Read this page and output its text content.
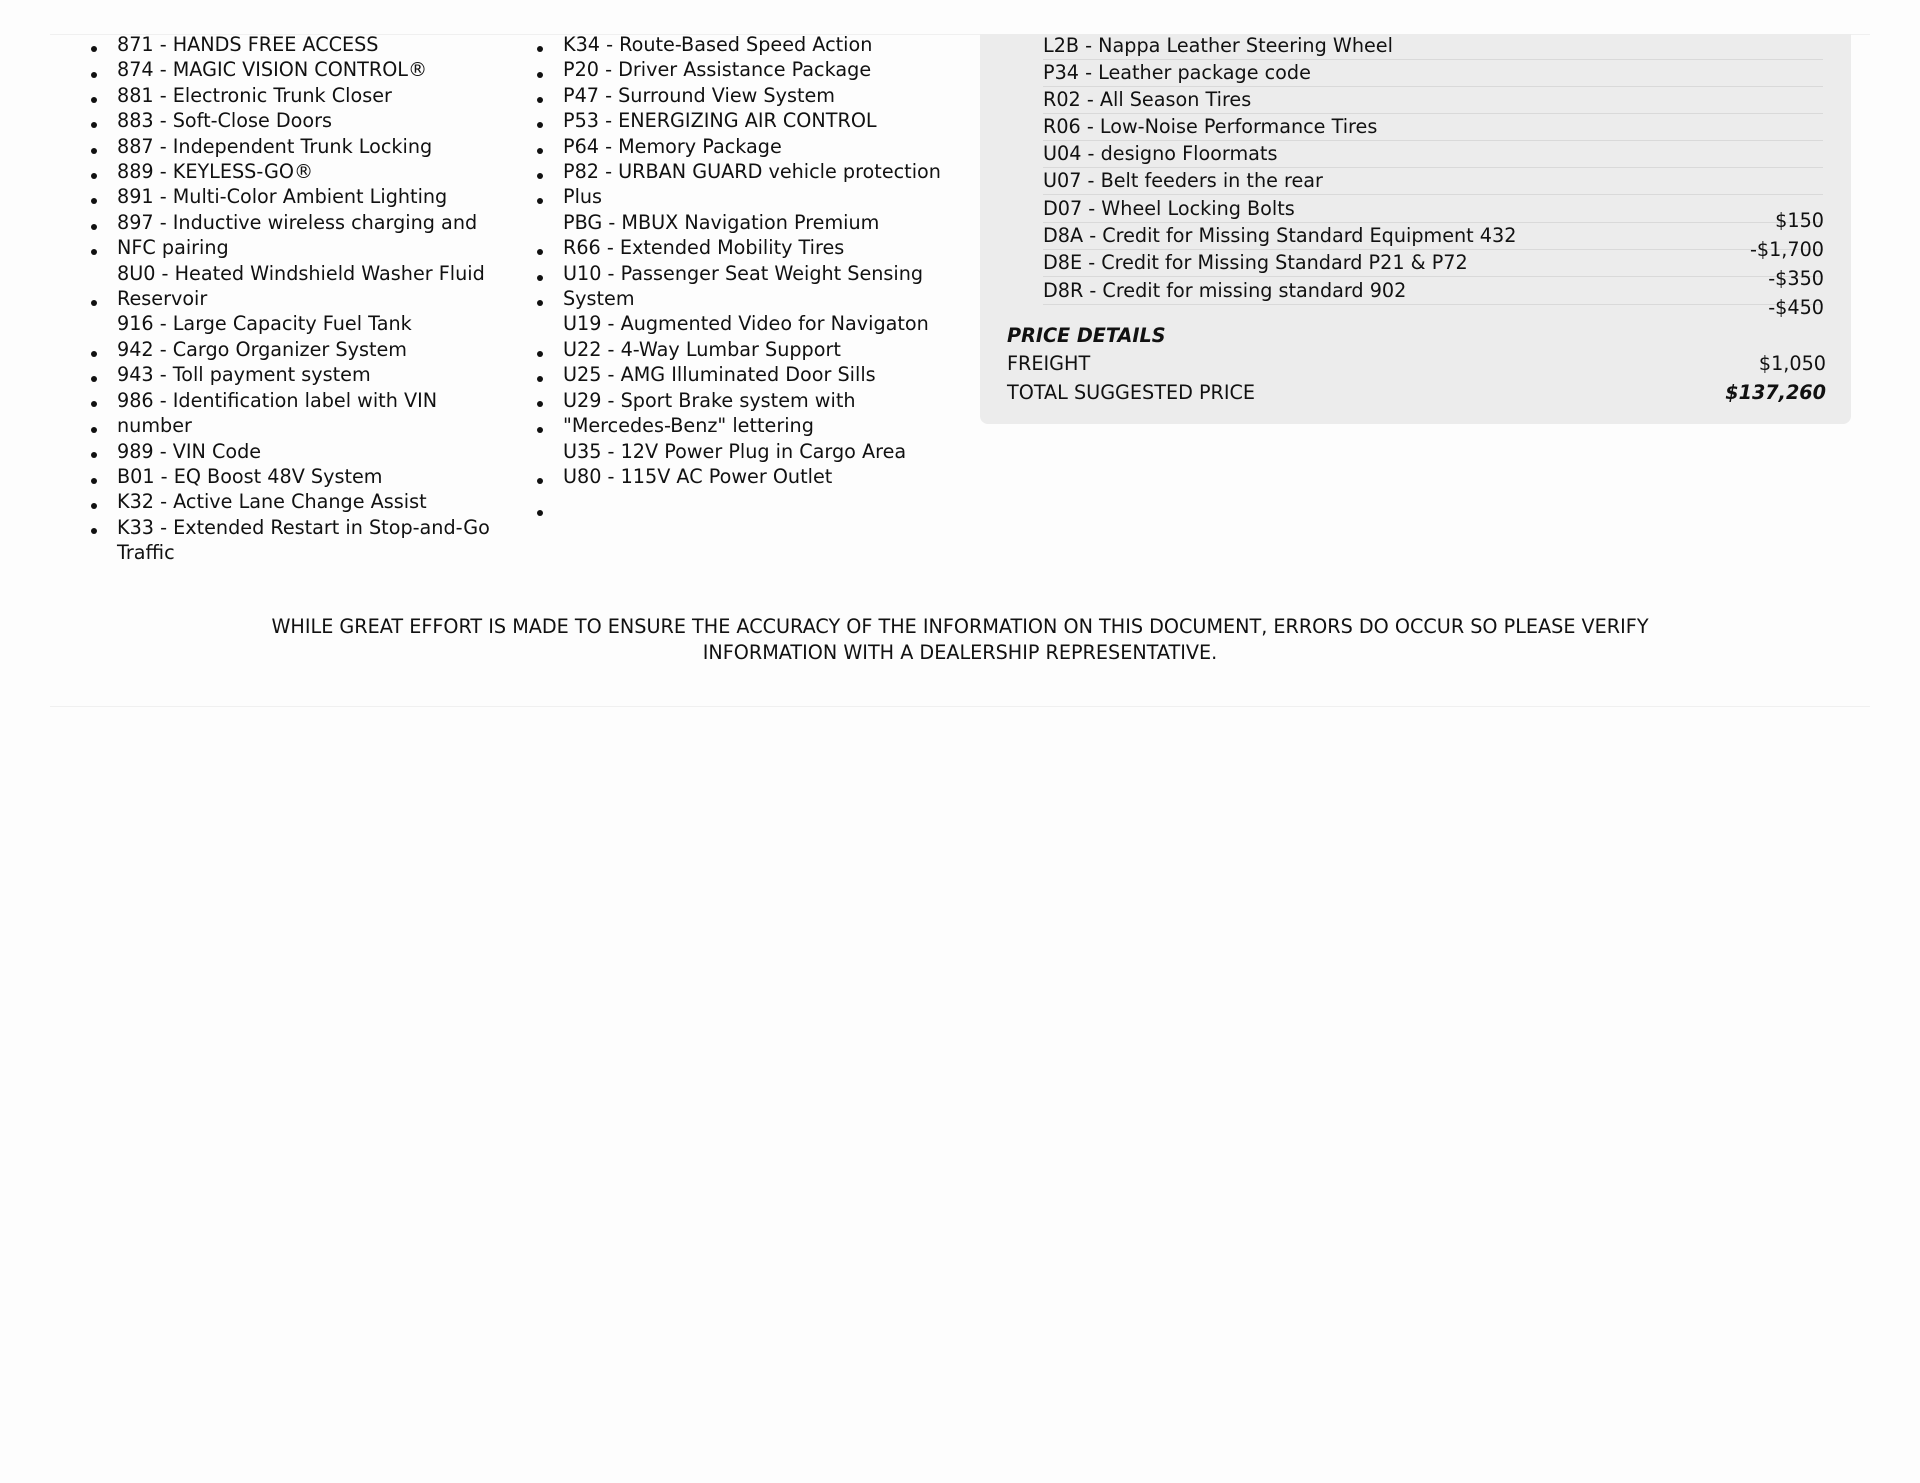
871 - HANDS FREE ACCESS
874 - MAGIC VISION CONTROL®
881 - Electronic Trunk Closer
883 - Soft-Close Doors
887 - Independent Trunk Locking
889 - KEYLESS-GO®
891 - Multi-Color Ambient Lighting
897 - Inductive wireless charging and NFC pairing
8U0 - Heated Windshield Washer Fluid Reservoir
916 - Large Capacity Fuel Tank
942 - Cargo Organizer System
943 - Toll payment system
986 - Identification label with VIN number
989 - VIN Code
B01 - EQ Boost 48V System
K32 - Active Lane Change Assist
K33 - Extended Restart in Stop-and-Go Traffic
K34 - Route-Based Speed Action
P20 - Driver Assistance Package
P47 - Surround View System
P53 - ENERGIZING AIR CONTROL
P64 - Memory Package
P82 - URBAN GUARD vehicle protection Plus
PBG - MBUX Navigation Premium
R66 - Extended Mobility Tires
U10 - Passenger Seat Weight Sensing System
U19 - Augmented Video for Navigaton
U22 - 4-Way Lumbar Support
U25 - AMG Illuminated Door Sills
U29 - Sport Brake system with "Mercedes-Benz" lettering
U35 - 12V Power Plug in Cargo Area
U80 - 115V AC Power Outlet
L2B - Nappa Leather Steering Wheel
P34 - Leather package code
R02 - All Season Tires
R06 - Low-Noise Performance Tires
U04 - designo Floormats
U07 - Belt feeders in the rear
D07 - Wheel Locking Bolts
D8A - Credit for Missing Standard Equipment 432
D8E - Credit for Missing Standard P21 & P72
D8R - Credit for missing standard 902
$150
-$1,700
-$350
-$450
PRICE DETAILS
FREIGHT	$1,050
TOTAL SUGGESTED PRICE	$137,260
WHILE GREAT EFFORT IS MADE TO ENSURE THE ACCURACY OF THE INFORMATION ON THIS DOCUMENT, ERRORS DO OCCUR SO PLEASE VERIFY
INFORMATION WITH A DEALERSHIP REPRESENTATIVE.
